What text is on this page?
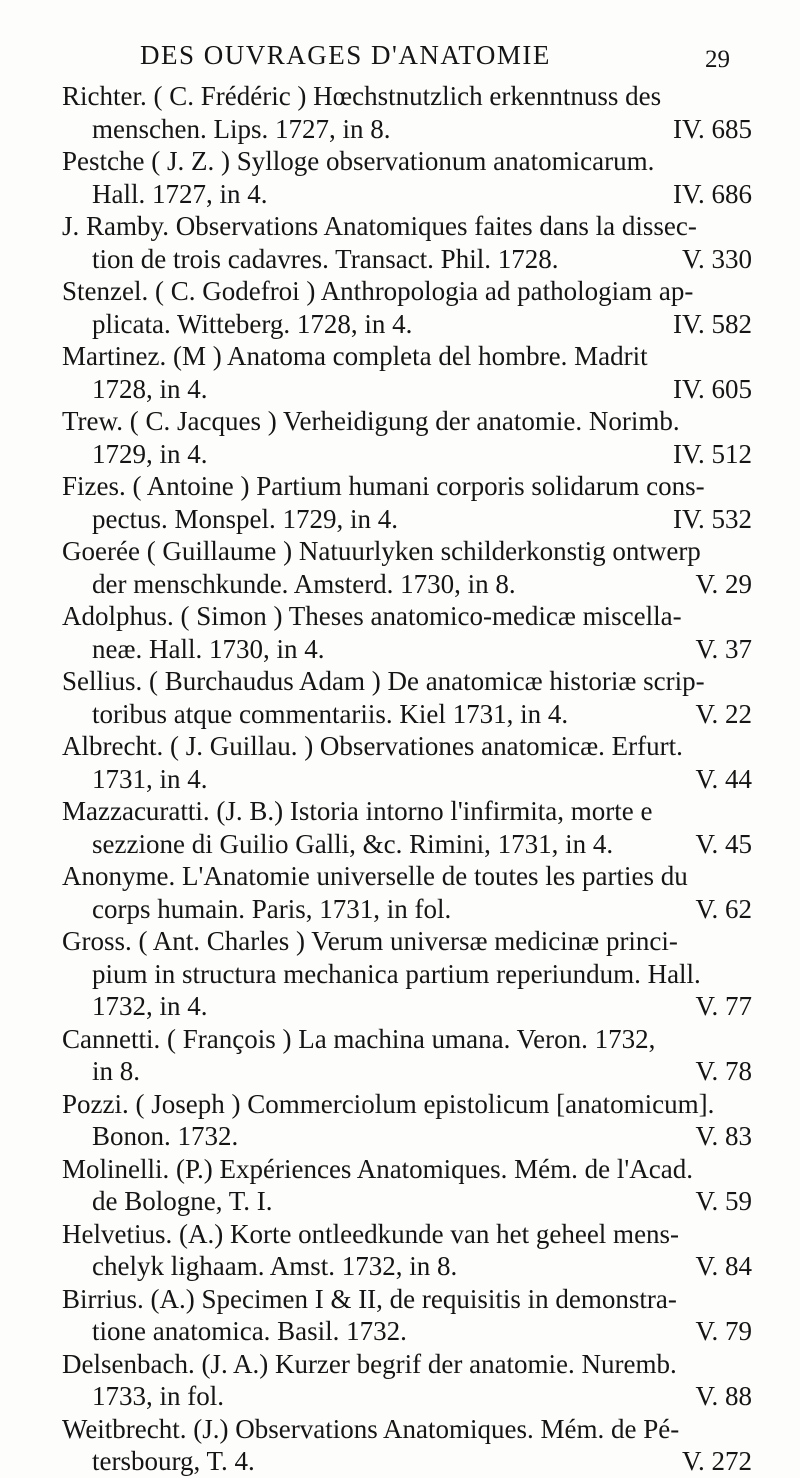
DES OUVRAGES D'ANATOMIE	29
Richter. ( C. Frédéric ) Hœchstnutzlich erkenntnuss des
menschen. Lips. 1727, in 8.	IV. 685
Pestche ( J. Z. ) Sylloge observationum anatomicarum.
Hall. 1727, in 4.	IV. 686
J. Ramby. Observations Anatomiques faites dans la dissec-
tion de trois cadavres. Transact. Phil. 1728.	V. 330
Stenzel. ( C. Godefroi ) Anthropologia ad pathologiam ap-
plicata. Witteberg. 1728, in 4.	IV. 582
Martinez. (M ) Anatoma completa del hombre. Madrit
1728, in 4.	IV. 605
Trew. ( C. Jacques ) Verheidigung der anatomie. Norimb.
1729, in 4.	IV. 512
Fizes. ( Antoine ) Partium humani corporis solidarum cons-
pectus. Monspel. 1729, in 4.	IV. 532
Goerée ( Guillaume ) Natuurlyken schilderkonstig ontwerp
der menschkunde. Amsterd. 1730, in 8.	V. 29
Adolphus. ( Simon ) Theses anatomico-medicæ miscella-
neæ. Hall. 1730, in 4.	V. 37
Sellius. ( Burchaudus Adam ) De anatomicæ historiæ scrip-
toribus atque commentariis. Kiel 1731, in 4.	V. 22
Albrecht. ( J. Guillau. ) Observationes anatomicæ. Erfurt.
1731, in 4.	V. 44
Mazzacuratti. (J. B.) Istoria intorno l'infirmita, morte e
sezzione di Guilio Galli, &c. Rimini, 1731, in 4.	V. 45
Anonyme. L'Anatomie universelle de toutes les parties du
corps humain. Paris, 1731, in fol.	V. 62
Gross. ( Ant. Charles ) Verum universæ medicinæ princi-
pium in structura mechanica partium reperiundum. Hall.
1732, in 4.	V. 77
Cannetti. ( François ) La machina umana. Veron. 1732,
in 8.	V. 78
Pozzi. ( Joseph ) Commerciolum epistolicum [anatomicum].
Bonon. 1732.	V. 83
Molinelli. (P.) Expériences Anatomiques. Mém. de l'Acad.
de Bologne, T. I.	V. 59
Helvetius. (A.) Korte ontleedkunde van het geheel mens-
chelyk lighaam. Amst. 1732, in 8.	V. 84
Birrius. (A.) Specimen I & II, de requisitis in demonstra-
tione anatomica. Basil. 1732.	V. 79
Delsenbach. (J. A.) Kurzer begrif der anatomie. Nuremb.
1733, in fol.	V. 88
Weitbrecht. (J.) Observations Anatomiques. Mém. de Pé-
tersbourg, T. 4.	V. 272
